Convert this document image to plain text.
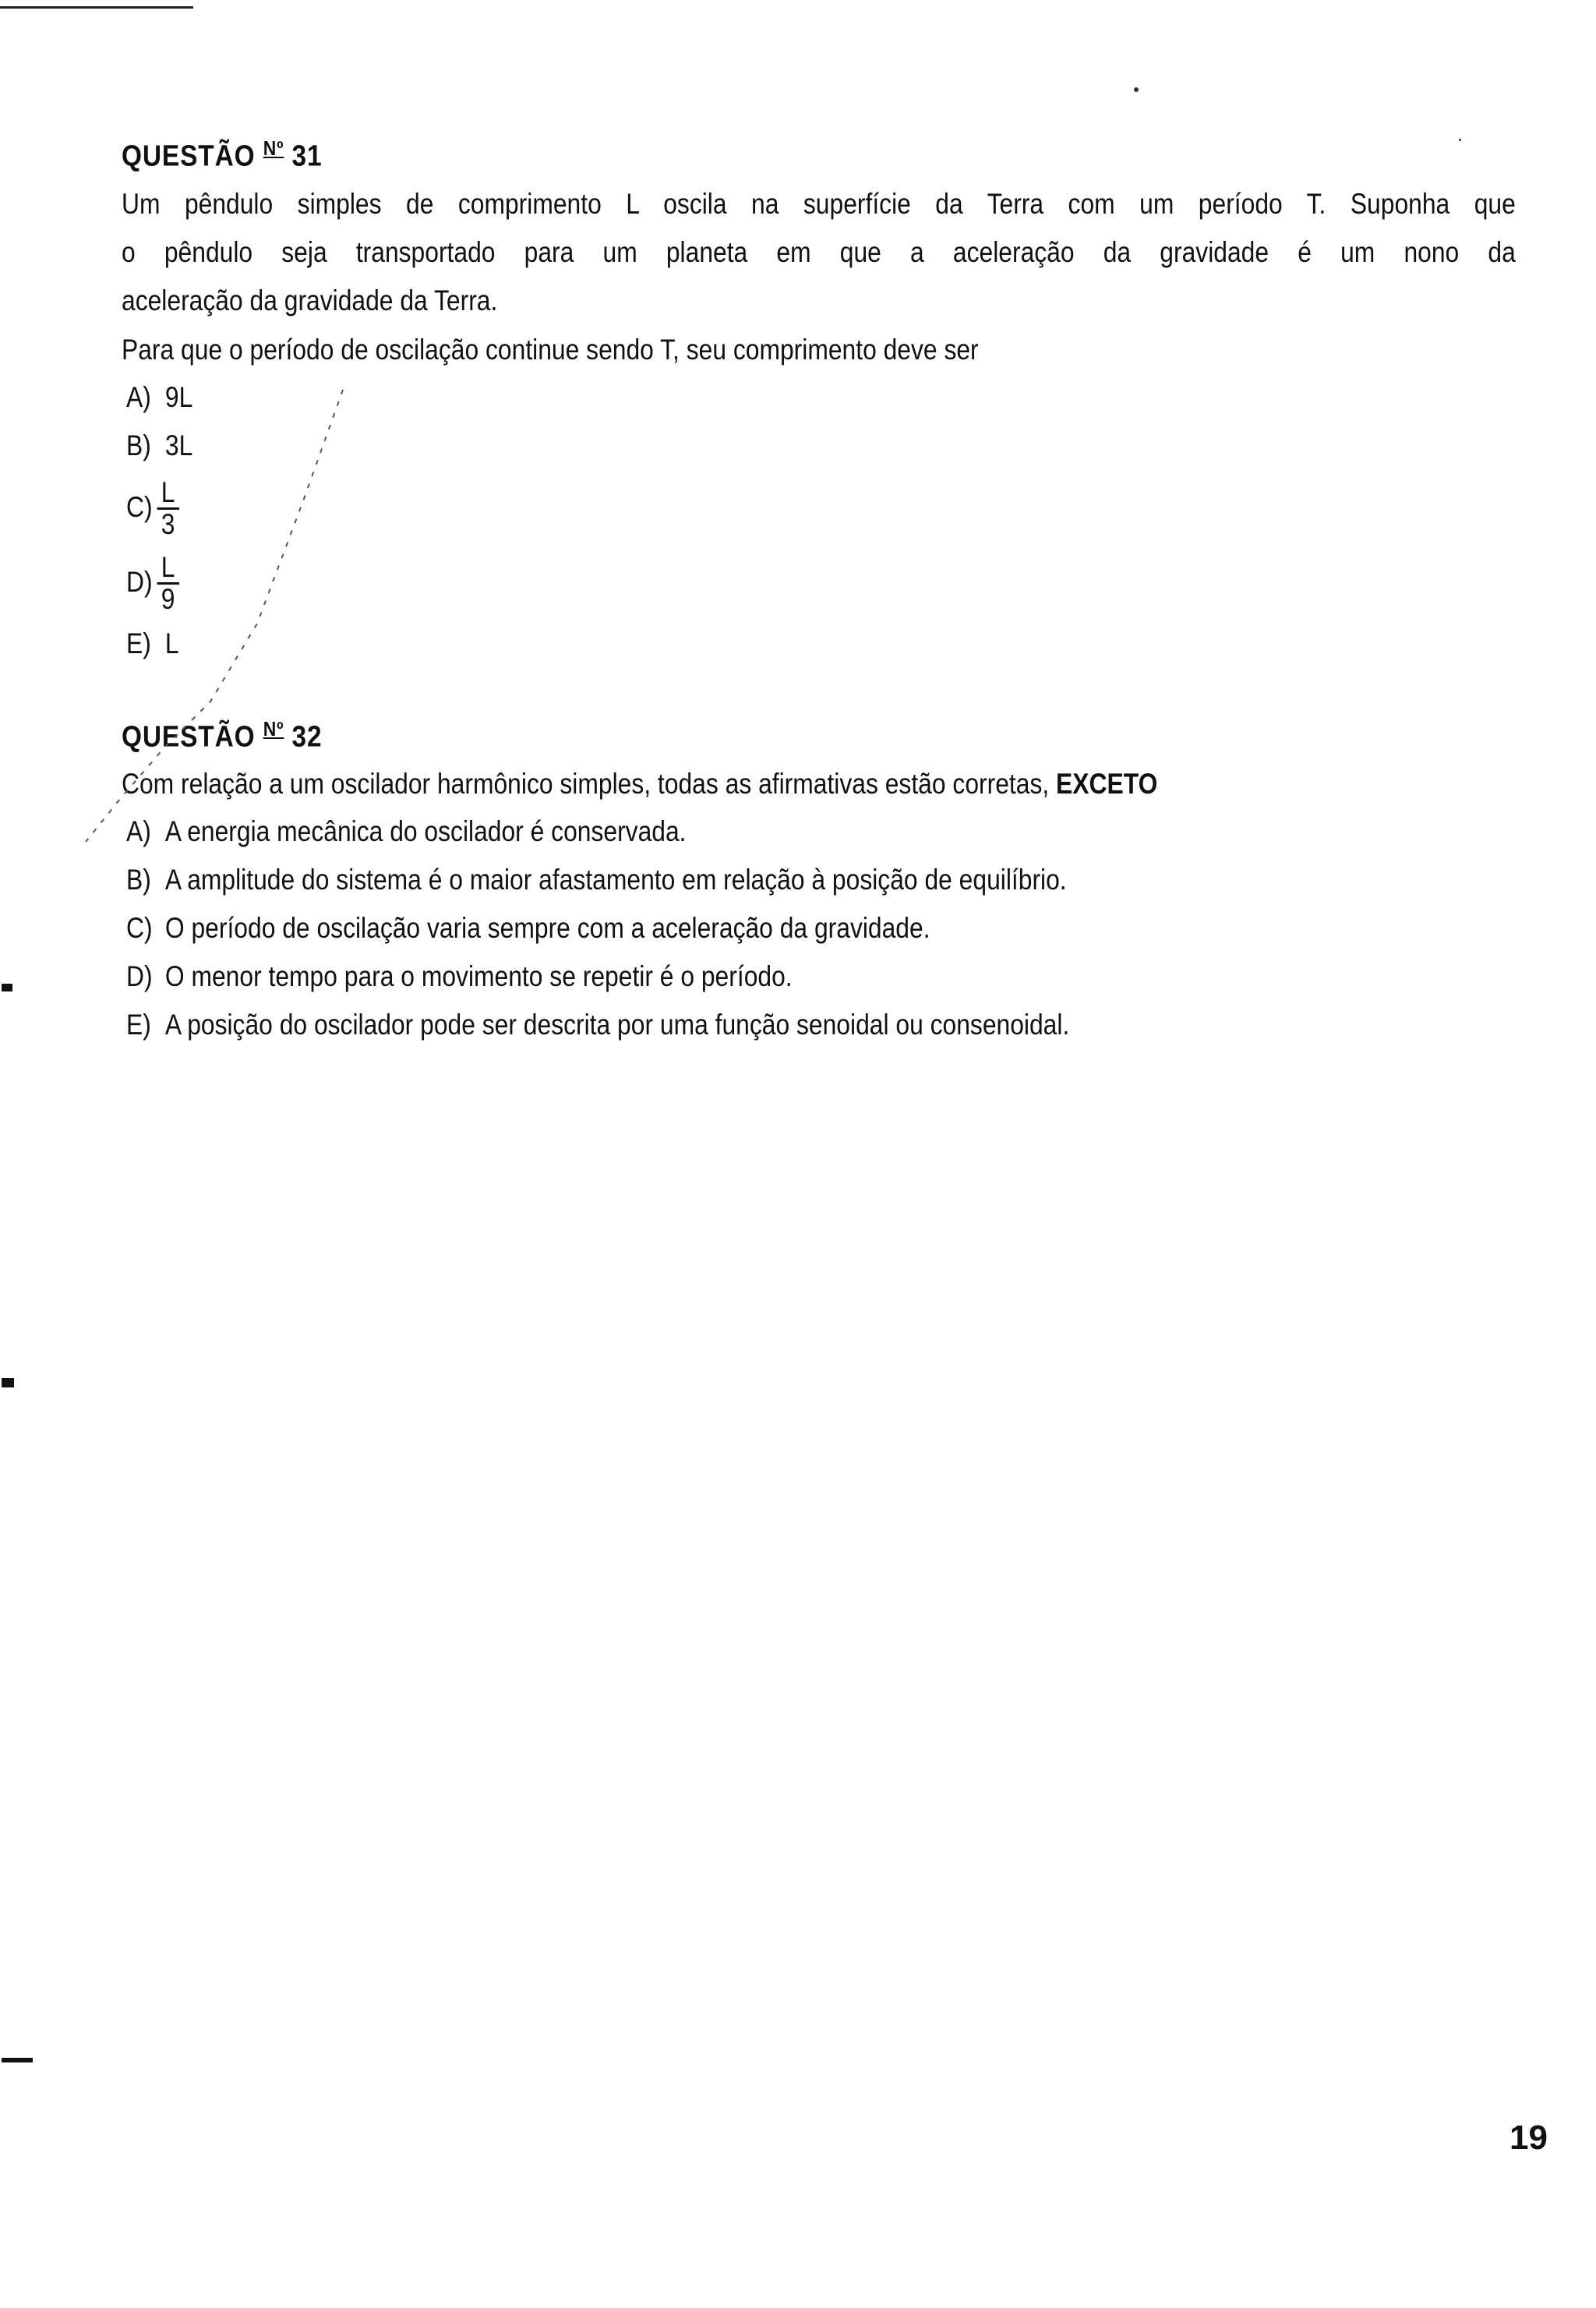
QUESTÃO $^{Nº}$ 31
Um pêndulo simples de comprimento L oscila na superfície da Terra com um período T. Suponha que
o pêndulo seja transportado para um planeta em que a aceleração da gravidade é um nono da
aceleração da gravidade da Terra.
Para que o período de oscilação continue sendo T, seu comprimento deve ser
A) 9L
B) 3L
$C) \frac{L}{3}$
$D) \frac{L}{9}$
E) L
QUESTÃO $^{Nº}$ 32
Com relação a um oscilador harmônico simples, todas as afirmativas estão corretas, EXCETO
A) A energia mecânica do oscilador é conservada.
B) A amplitude do sistema é o maior afastamento em relação à posição de equilíbrio.
C) O período de oscilação varia sempre com a aceleração da gravidade.
D) O menor tempo para o movimento se repetir é o período.
E) A posição do oscilador pode ser descrita por uma função senoidal ou consenoidal.
19
